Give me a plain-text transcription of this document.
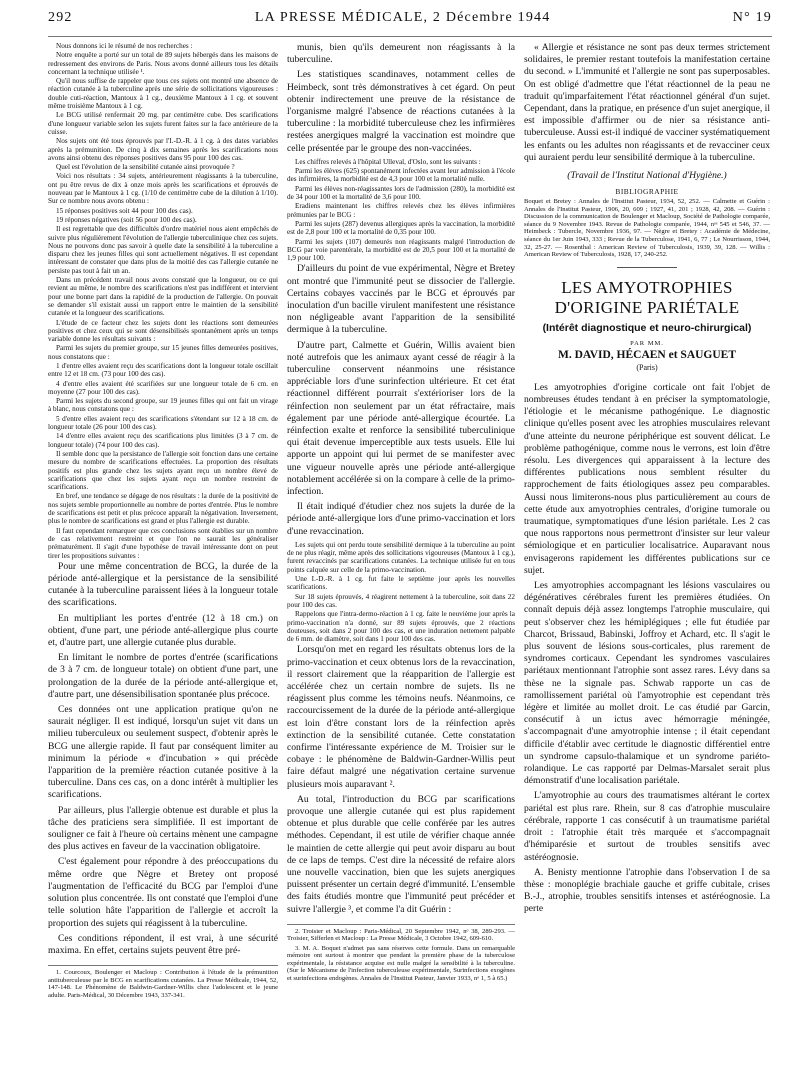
292	LA PRESSE MÉDICALE, 2 Décembre 1944	N° 19

Nous donnons ici le résumé de nos recherches :

Notre enquête a porté sur un total de 89 sujets hébergés dans les maisons de redressement des environs de Paris. Nous avons donné ailleurs tous les détails concernant la technique utilisée ¹.

Qu'il nous suffise de rappeler que tous ces sujets ont montré une absence de réaction cutanée à la tuberculine après une série de sollicitations vigoureuses : double cuti-réaction, Mantoux à 1 cg., deuxième Mantoux à 1 cg. et souvent même troisième Mantoux à 1 cg.

Le BCG utilisé renfermait 20 mg. par centimètre cube. Des scarifications d'une longueur variable selon les sujets furent faites sur la face antérieure de la cuisse.

Nos sujets ont été tous éprouvés par l'I.-D.-R. à 1 cg. à des dates variables après la prémunition. De cinq à dix semaines après les scarifications nous avons ainsi obtenu des réponses positives dans 95 pour 100 des cas.

Quel est l'évolution de la sensibilité cutanée ainsi provoquée ?

Voici nos résultats : 34 sujets, antérieurement réagissants à la tuberculine, ont pu être revus de dix à onze mois après les scarifications et éprouvés de nouveau par le Mantoux à 1 cg. (1/10 de centimètre cube de la dilution à 1/10). Sur ce nombre nous avons obtenu :

15 réponses positives soit 44 pour 100 des cas).

19 réponses négatives (soit 56 pour 100 des cas).

Il est regrettable que des difficultés d'ordre matériel nous aient empêchés de suivre plus régulièrement l'évolution de l'allergie tuberculinique chez ces sujets. Nous ne pouvons donc pas savoir à quelle date la sensibilité à la tuberculine a disparu chez les jeunes filles qui sont actuellement négatives. Il est cependant intéressant de constater que dans plus de la moitié des cas l'allergie cutanée ne persiste pas tout à fait un an.

Dans un précédent travail nous avons constaté que la longueur, ou ce qui revient au même, le nombre des scarifications n'est pas indifférent et intervient pour une bonne part dans la rapidité de la production de l'allergie. On pouvait se demander s'il existait aussi un rapport entre le maintien de la sensibilité cutanée et la longueur des scarifications.

L'étude de ce facteur chez les sujets dont les réactions sont demeurées positives et chez ceux qui se sont désensibilisés spontanément après un temps variable donne les résultats suivants :

Parmi les sujets du premier groupe, sur 15 jeunes filles demeurées positives, nous constatons que :

1 d'entre elles avaient reçu des scarifications dont la longueur totale oscillait entre 12 et 18 cm. (73 pour 100 des cas).

4 d'entre elles avaient été scarifiées sur une longueur totale de 6 cm. en moyenne (27 pour 100 des cas).

Parmi les sujets du second groupe, sur 19 jeunes filles qui ont fait un virage à blanc, nous constatons que :

5 d'entre elles avaient reçu des scarifications s'étendant sur 12 à 18 cm. de longueur totale (26 pour 100 des cas).

14 d'entre elles avaient reçu des scarifications plus limitées (3 à 7 cm. de longueur totale) (74 pour 100 des cas).

Il semble donc que la persistance de l'allergie soit fonction dans une certaine mesure du nombre de scarifications effectuées. La proportion des résultats positifs est plus grande chez les sujets ayant reçu un nombre élevé de scarifications que chez les sujets ayant reçu un nombre restreint de scarifications.

En bref, une tendance se dégage de nos résultats : la durée de la positivité de nos sujets semble proportionnelle au nombre de portes d'entrée. Plus le nombre de scarifications est petit et plus précoce apparaît la négativation. Inversement, plus le nombre de scarifications est grand et plus l'allergie est durable.

Il faut cependant remarquer que ces conclusions sont établies sur un nombre de cas relativement restreint et que l'on ne saurait les généraliser prématurément. Il s'agit d'une hypothèse de travail intéressante dont on peut tirer les propositions suivantes :

Pour une même concentration de BCG, la durée de la période anté-allergique et la persistance de la sensibilité cutanée à la tuberculine paraissent liées à la longueur totale des scarifications.

En multipliant les portes d'entrée (12 à 18 cm.) on obtient, d'une part, une période anté-allergique plus courte et, d'autre part, une allergie cutanée plus durable.

En limitant le nombre de portes d'entrée (scarifications de 3 à 7 cm. de longueur totale) on obtient d'une part, une prolongation de la durée de la période anté-allergique et, d'autre part, une désensibilisation spontanée plus précoce.

Ces données ont une application pratique qu'on ne saurait négliger. Il est indiqué, lorsqu'un sujet vit dans un milieu tuberculeux ou seulement suspect, d'obtenir après le BCG une allergie rapide. Il faut par conséquent limiter au minimum la période « d'incubation » qui précède l'apparition de la première réaction cutanée positive à la tuberculine. Dans ces cas, on a donc intérêt à multiplier les scarifications.

Par ailleurs, plus l'allergie obtenue est durable et plus la tâche des praticiens sera simplifiée. Il est important de souligner ce fait à l'heure où certains mènent une campagne des plus actives en faveur de la vaccination obligatoire.

C'est également pour répondre à des préoccupations du même ordre que Nègre et Bretey ont proposé l'augmentation de l'efficacité du BCG par l'emploi d'une solution plus concentrée. Ils ont constaté que l'emploi d'une telle solution hâte l'apparition de l'allergie et accroît la proportion des sujets qui réagissent à la tuberculine.

Ces conditions répondent, il est vrai, à une sécurité maxima. En effet, certains sujets peuvent être pré-

1. Courcoux, Boulenger et Macloup : Contribution à l'étude de la prémunition antituberculeuse par le BCG en scarifications cutanées. La Presse Médicale, 1944, 52, 147-148. Le Phénomène de Baldwin-Gardner-Willis chez l'adolescent et le jeune adulte. Paris-Médical, 30 Décembre 1943, 337-341.

munis, bien qu'ils demeurent non réagissants à la tuberculine.

Les statistiques scandinaves, notamment celles de Heimbeck, sont très démonstratives à cet égard. On peut obtenir indirectement une preuve de la résistance de l'organisme malgré l'absence de réactions cutanées à la tuberculine : la morbidité tuberculeuse chez les infirmières restées anergiques malgré la vaccination est moindre que celle présentée par le groupe des non-vaccinées.

Les chiffres relevés à l'hôpital Ulleval, d'Oslo, sont les suivants :

Parmi les élèves (625) spontanément infectées avant leur admission à l'école des infirmières, la morbidité est de 4,3 pour 100 et la mortalité nulle.

Parmi les élèves non-réagissantes lors de l'admission (280), la morbidité est de 34 pour 100 et la mortalité de 3,6 pour 100.

Eradiens maintenant les chiffres relevés chez les élèves infirmières prémunies par le BCG :

Parmi les sujets (287) devenus allergiques après la vaccination, la morbidité est de 2,8 pour 100 et la mortalité de 0,35 pour 100.

Parmi les sujets (107) demeurés non réagissants malgré l'introduction de BCG par voie parentérale, la morbidité est de 20,5 pour 100 et la mortalité de 1,9 pour 100.

D'ailleurs du point de vue expérimental, Nègre et Bretey ont montré que l'immunité peut se dissocier de l'allergie. Certains cobayes vaccinés par le BCG et éprouvés par inoculation d'un bacille virulent manifestent une résistance non négligeable avant l'apparition de la sensibilité dermique à la tuberculine.

D'autre part, Calmette et Guérin, Willis avaient bien noté autrefois que les animaux ayant cessé de réagir à la tuberculine conservent néanmoins une résistance appréciable lors d'une surinfection ultérieure. Et cet état réactionnel différent pourrait s'extérioriser lors de la réinfection non seulement par un état réfractaire, mais également par une période anté-allergique écourtée. La réinfection exalte et renforce la sensibilité tuberculinique qui était devenue imperceptible aux tests usuels. Elle lui apporte un appoint qui lui permet de se manifester avec une vigueur nouvelle après une période anté-allergique notablement accélérée si on la compare à celle de la primo-infection.

Il était indiqué d'étudier chez nos sujets la durée de la période anté-allergique lors d'une primo-vaccination et lors d'une revaccination.

Les sujets qui ont perdu toute sensibilité dermique à la tuberculine au point de ne plus réagir, même après des sollicitations vigoureuses (Mantoux à 1 cg.), furent revaccinés par scarifications cutanées. La technique utilisée fut en tous points calquée sur celle de la primo-vaccination.

Une I.-D.-R. à 1 cg. fut faite le septième jour après les nouvelles scarifications.

Sur 18 sujets éprouvés, 4 réagirent nettement à la tuberculine, soit dans 22 pour 100 des cas.

Rappelons que l'intra-dermo-réaction à 1 cg. faite le neuvième jour après la primo-vaccination n'a donné, sur 89 sujets éprouvés, que 2 réactions douteuses, soit dans 2 pour 100 des cas, et une induration nettement palpable de 6 mm. de diamètre, soit dans 1 pour 100 des cas.

Lorsqu'on met en regard les résultats obtenus lors de la primo-vaccination et ceux obtenus lors de la revaccination, il ressort clairement que la réapparition de l'allergie est accélérée chez un certain nombre de sujets. Ils ne réagissent plus comme les témoins neufs. Néanmoins, ce raccourcissement de la durée de la période anté-allergique est loin d'être constant lors de la réinfection après extinction de la sensibilité cutanée. Cette constatation confirme l'intéressante expérience de M. Troisier sur le cobaye : le phénomène de Baldwin-Gardner-Willis peut faire défaut malgré une négativation certaine survenue plusieurs mois auparavant ².

Au total, l'introduction du BCG par scarifications provoque une allergie cutanée qui est plus rapidement obtenue et plus durable que celle conférée par les autres méthodes. Cependant, il est utile de vérifier chaque année le maintien de cette allergie qui peut avoir disparu au bout de ce laps de temps. C'est dire la nécessité de refaire alors une nouvelle vaccination, bien que les sujets anergiques puissent présenter un certain degré d'immunité. L'ensemble des faits étudiés montre que l'immunité peut précéder et suivre l'allergie ³, et comme l'a dit Guérin :

2. Troisier et Macloup : Paris-Médical, 20 Septembre 1942, nᵒ 38, 289-293. — Troisier, Sifferlen et Macloup : La Presse Médicale, 3 Octobre 1942, 609-610.

3. M. A. Boquet n'admet pas sans réserves cette formule. Dans un remarquable mémoire ont surtout à montrer que pendant la première phase de la tuberculose expérimentale, la résistance acquise est nulle malgré la sensibilité à la tuberculine. (Sur le Mécanisme de l'infection tuberculeuse expérimentale, Surinfections exogènes et surinfections endogènes. Annales de l'Institut Pasteur, Janvier 1933, nᵒ 1, 5 à 65.)

« Allergie et résistance ne sont pas deux termes strictement solidaires, le premier restant toutefois la manifestation certaine du second. » L'immunité et l'allergie ne sont pas superposables. On est obligé d'admettre que l'état réactionnel de la peau ne traduit qu'imparfaitement l'état réactionnel général d'un sujet. Cependant, dans la pratique, en présence d'un sujet anergique, il est impossible d'affirmer ou de nier sa résistance anti-tuberculeuse. Aussi est-il indiqué de vacciner systématiquement les enfants ou les adultes non réagissants et de revacciner ceux qui auraient perdu leur sensibilité dermique à la tuberculine.

(Travail de l'Institut National d'Hygiène.)
BIBLIOGRAPHIE

Boquet et Bretey : Annales de l'Institut Pasteur, 1934, 52, 252. — Calmette et Guérin : Annales de l'Institut Pasteur, 1906, 20, 609 ; 1927, 41, 201 ; 1928, 42, 208. — Guérin : Discussion de la communication de Boulenger et Macloup, Société de Pathologie comparée, séance du 9 Novembre 1943. Revue de Pathologie comparée, 1944, nᵒˢ 545 et 546, 37. — Heimbeck : Tubercle, Novembre 1936, 97. — Nègre et Bretey : Académie de Médecine, séance du 1er Juin 1943, 333 ; Revue de la Tuberculose, 1941, 6, 77 ; Le Nourrisson, 1944, 32, 25-27. — Rosenthal : American Review of Tuberculosis, 1939, 39, 128. — Willis : American Review of Tuberculosis, 1928, 17, 240-252.

LES AMYOTROPHIES
D'ORIGINE PARIÉTALE
(Intérêt diagnostique et neuro-chirurgical)
PAR MM.
M. DAVID, HÉCAEN et SAUGUET
(Paris)

Les amyotrophies d'origine corticale ont fait l'objet de nombreuses études tendant à en préciser la symptomatologie, l'étiologie et le mécanisme pathogénique. Le diagnostic clinique qu'elles posent avec les atrophies musculaires relevant d'une atteinte du neurone périphérique est souvent délicat. Le problème pathogénique, comme nous le verrons, est loin d'être résolu. Les divergences qui apparaissent à la lecture des différentes publications nous semblent résulter du rapprochement de faits étiologiques assez peu comparables. Aussi nous limiterons-nous plus particulièrement au cours de cette étude aux amyotrophies centrales, d'origine tumorale ou traumatique, symptomatiques d'une lésion pariétale. Les 2 cas que nous rapportons nous permettront d'insister sur leur valeur sémiologique et en particulier localisatrice. Auparavant nous envisagerons rapidement les différentes publications sur ce sujet.

Les amyotrophies accompagnant les lésions vasculaires ou dégénératives cérébrales furent les premières étudiées. On connaît depuis déjà assez longtemps l'atrophie musculaire, qui peut s'observer chez les hémiplégiques ; elle fut étudiée par Charcot, Brissaud, Babinski, Joffroy et Achard, etc. Il s'agit le plus souvent de lésions sous-corticales, plus rarement de syndromes corticaux. Cependant les syndromes vasculaires pariétaux mentionnant l'atrophie sont assez rares. Lévy dans sa thèse ne la signale pas. Schwab rapporte un cas de ramollissement pariétal où l'amyotrophie est cependant très légère et limitée au mollet droit. Le cas étudié par Garcin, consécutif à un ictus avec hémorragie méningée, s'accompagnait d'une amyotrophie intense ; il était cependant difficile d'établir avec certitude le diagnostic différentiel entre un syndrome capsulo-thalamique et un syndrome pariéto-rolandique. Le cas rapporté par Delmas-Marsalet serait plus démonstratif d'une localisation pariétale.

L'amyotrophie au cours des traumatismes altérant le cortex pariétal est plus rare. Rhein, sur 8 cas d'atrophie musculaire cérébrale, rapporte 1 cas consécutif à un traumatisme pariétal droit : l'atrophie était très marquée et s'accompagnait d'hémiparésie et surtout de troubles sensitifs avec astéréognosie.

A. Benisty mentionne l'atrophie dans l'observation I de sa thèse : monoplégie brachiale gauche et griffe cubitale, crises B.-J., atrophie, troubles sensitifs intenses et astéréognosie. La perte
